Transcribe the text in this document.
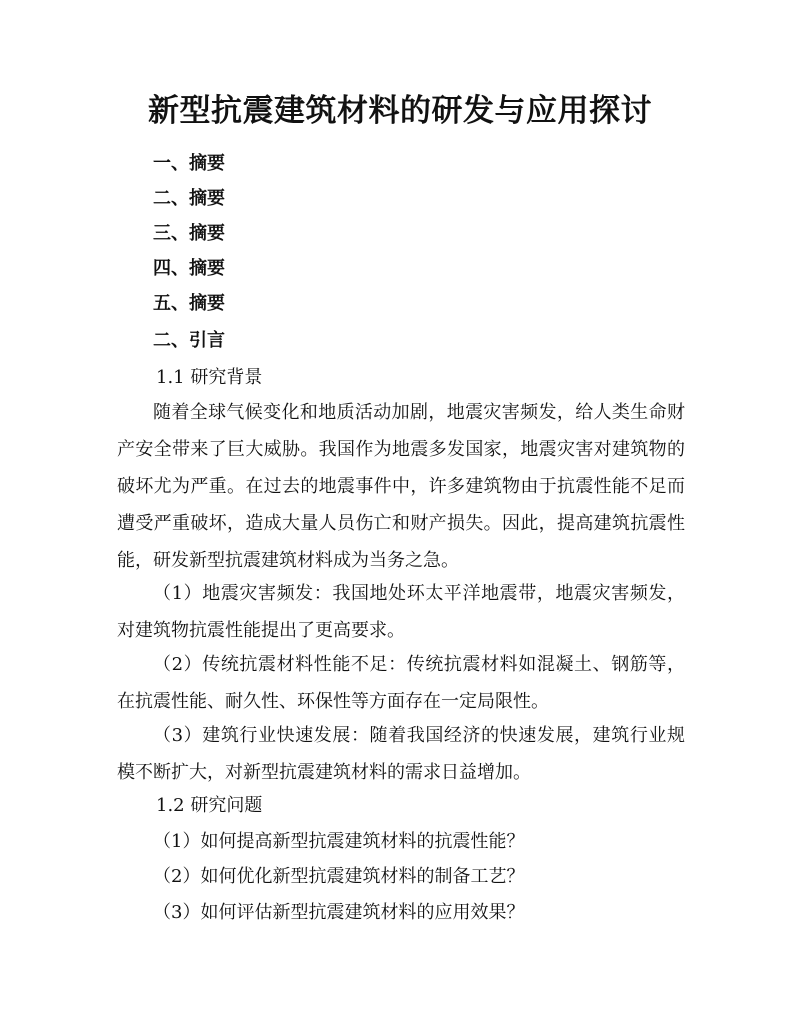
新型抗震建筑材料的研发与应用探讨
一、摘要
二、摘要
三、摘要
四、摘要
五、摘要
二、引言
1.1 研究背景
随着全球气候变化和地质活动加剧，地震灾害频发，给人类生命财产安全带来了巨大威胁。我国作为地震多发国家，地震灾害对建筑物的破坏尤为严重。在过去的地震事件中，许多建筑物由于抗震性能不足而遭受严重破坏，造成大量人员伤亡和财产损失。因此，提高建筑抗震性能，研发新型抗震建筑材料成为当务之急。
（1）地震灾害频发：我国地处环太平洋地震带，地震灾害频发，对建筑物抗震性能提出了更高要求。
（2）传统抗震材料性能不足：传统抗震材料如混凝土、钢筋等，在抗震性能、耐久性、环保性等方面存在一定局限性。
（3）建筑行业快速发展：随着我国经济的快速发展，建筑行业规模不断扩大，对新型抗震建筑材料的需求日益增加。
1.2 研究问题
（1）如何提高新型抗震建筑材料的抗震性能？
（2）如何优化新型抗震建筑材料的制备工艺？
（3）如何评估新型抗震建筑材料的应用效果？
